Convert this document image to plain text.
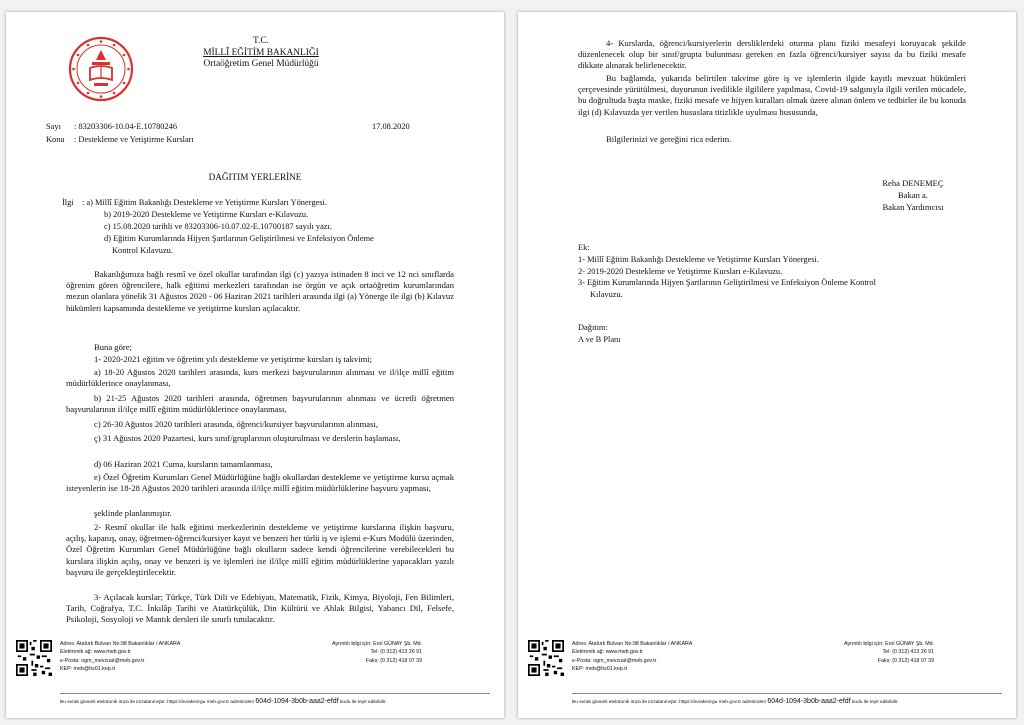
T.C.
MİLLÎ EĞİTİM BAKANLIĞI
Ortaöğretim Genel Müdürlüğü
Sayı : 83203306-10.04-E.10780246	17.08.2020
Konu : Destekleme ve Yetiştirme Kursları
DAĞITIM YERLERİNE
İlgi : a) Millî Eğitim Bakanlığı Destekleme ve Yetiştirme Kursları Yönergesi.
b) 2019-2020 Destekleme ve Yetiştirme Kursları e-Kılavuzu.
c) 15.08.2020 tarihli ve 83203306-10.07.02-E.10700187 sayılı yazı.
d) Eğitim Kurumlarında Hijyen Şartlarının Geliştirilmesi ve Enfeksiyon Önleme
Kontrol Kılavuzu.
Bakanlığımıza bağlı resmî ve özel okullar tarafından ilgi (c) yazıya istinaden 8 inci ve 12 nci sınıflarda öğrenim gören öğrencilere, halk eğitimi merkezleri tarafından ise örgün ve açık ortaöğretim kurumlarından mezun olanlara yönelik 31 Ağustos 2020 - 06 Haziran 2021 tarihleri arasında ilgi (a) Yönerge ile ilgi (b) Kılavuz hükümleri kapsamında destekleme ve yetiştirme kursları açılacaktır.
Buna göre;
1- 2020-2021 eğitim ve öğretim yılı destekleme ve yetiştirme kursları iş takvimi;
a) 18-20 Ağustos 2020 tarihleri arasında, kurs merkezi başvurularının alınması ve il/ilçe millî eğitim müdürlüklerince onaylanması,
b) 21-25 Ağustos 2020 tarihleri arasında, öğretmen başvurularının alınması ve ücretli öğretmen başvurularının il/ilçe millî eğitim müdürlüklerince onaylanması,
c) 26-30 Ağustos 2020 tarihleri arasında, öğrenci/kursiyer başvurularının alınması,
ç) 31 Ağustos 2020 Pazartesi, kurs sınıf/gruplarının oluşturulması ve derslerin başlaması,
d) 06 Haziran 2021 Cuma, kursların tamamlanması,
e) Özel Öğretim Kurumları Genel Müdürlüğüne bağlı okullardan destekleme ve yetiştirme kursu açmak isteyenlerin ise 18-28 Ağustos 2020 tarihleri arasında il/ilçe millî eğitim müdürlüklerine başvuru yapması,
şeklinde planlanmıştır.
2- Resmî okullar ile halk eğitimi merkezlerinin destekleme ve yetiştirme kurslarına ilişkin başvuru, açılış, kapanış, onay, öğretmen-öğrenci/kursiyer kayıt ve benzeri her türlü iş ve işlemi e-Kurs Modülü üzerinden, Özel Öğretim Kurumları Genel Müdürlüğüne bağlı okulların sadece kendi öğrencilerine verebilecekleri bu kurslara ilişkin açılış, onay ve benzeri iş ve işlemleri ise il/ilçe millî eğitim müdürlüklerine yapacakları yazılı başvuru ile gerçekleştirilecektir.
3- Açılacak kurslar; Türkçe, Türk Dili ve Edebiyatı, Matematik, Fizik, Kimya, Biyoloji, Fen Bilimleri, Tarih, Coğrafya, T.C. İnkılâp Tarihi ve Atatürkçülük, Din Kültürü ve Ahlak Bilgisi, Yabancı Dil, Felsefe, Psikoloji, Sosyoloji ve Mantık dersleri ile sınırlı tutulacaktır.
Adres: Atatürk Bulvarı No:98 Bakanlıklar / ANKARA
Elektronik ağ: www.meb.gov.tr
e-Posta: ogm_mevzuat@meb.gov.tr
KEP: meb@hs01.kep.tr
Ayrıntılı bilgi için: Erol GÜNAY Şb. Md.
Tel: (0 312) 413 26 91
Faks: (0 312) 418 07 39
Bu evrak güvenli elektronik imza ile imzalanmıştır. https://evraksorgu.meb.gov.tr adresinden 604d-1094-3b0b-aaa2-efdf kodu ile teyit edilebilir.
4- Kurslarda, öğrenci/kursiyerlerin dersliklerdeki oturma planı fiziki mesafeyi koruyacak şekilde düzenlenecek olup bir sınıf/grupta bulunması gereken en fazla öğrenci/kursiyer sayısı da bu fiziki mesafe dikkate alınarak belirlenecektir.
Bu bağlamda, yukarıda belirtilen takvime göre iş ve işlemlerin ilgide kayıtlı mevzuat hükümleri çerçevesinde yürütülmesi, duyurunun ivedilikle ilgililere yapılması, Covid-19 salgınıyla ilgili verilen mücadele, bu doğrultuda başta maske, fiziki mesafe ve hijyen kuralları olmak üzere alınan önlem ve tedbirler ile bu konuda ilgi (d) Kılavuzda yer verilen hususlara titizlikle uyulması hususunda,
Bilgilerinizi ve gereğini rica ederim.
Reha DENEMEÇ
Bakan a.
Bakan Yardımcısı
Ek:
1- Millî Eğitim Bakanlığı Destekleme ve Yetiştirme Kursları Yönergesi.
2- 2019-2020 Destekleme ve Yetiştirme Kursları e-Kılavuzu.
3- Eğitim Kurumlarında Hijyen Şartlarının Geliştirilmesi ve Enfeksiyon Önleme Kontrol
Kılavuzu.
Dağıtım:
A ve B Planı
Adres: Atatürk Bulvarı No:98 Bakanlıklar / ANKARA
Elektronik ağ: www.meb.gov.tr
e-Posta: ogm_mevzuat@meb.gov.tr
KEP: meb@hs01.kep.tr
Ayrıntılı bilgi için: Erol GÜNAY Şb. Md.
Tel: (0 312) 413 26 91
Faks: (0 312) 418 07 39
Bu evrak güvenli elektronik imza ile imzalanmıştır. https://evraksorgu.meb.gov.tr adresinden 604d-1094-3b0b-aaa2-efdf kodu ile teyit edilebilir.
